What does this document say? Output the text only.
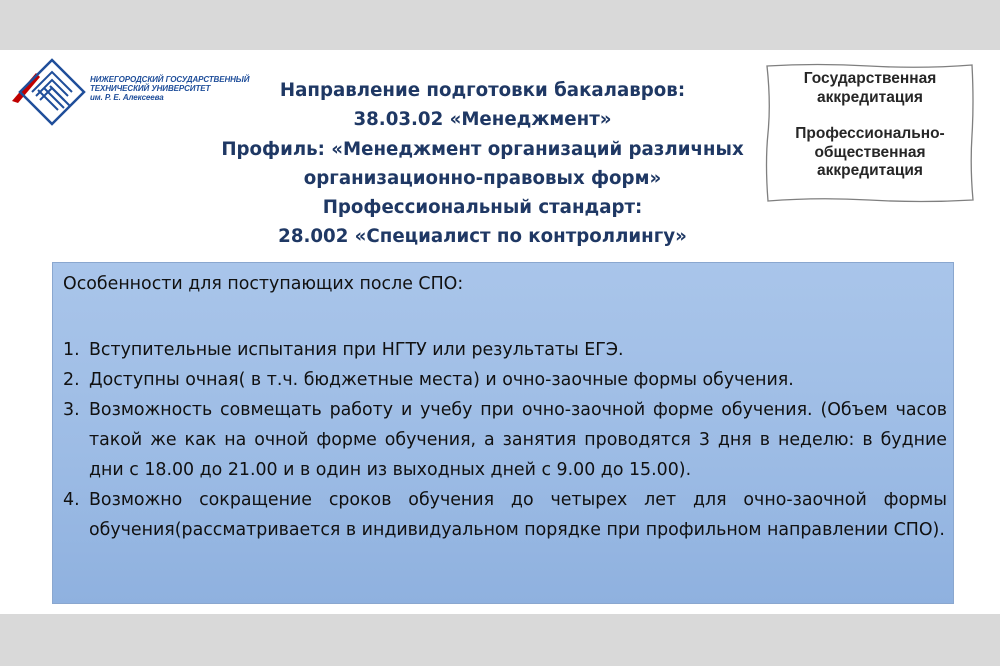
НИЖЕГОРОДСКИЙ ГОСУДАРСТВЕННЫЙ
ТЕХНИЧЕСКИЙ УНИВЕРСИТЕТ
им. Р. Е. Алексеева	Направление подготовки бакалавров:
38.03.02 «Менеджмент»
Профиль: «Менеджмент организаций различных
организационно-правовых форм»
Профессиональный стандарт:
28.002 «Специалист по контроллингу»
Государственная
аккредитация
Профессионально-
общественная
аккредитация
Особенности для поступающих после СПО:
1. Вступительные испытания при НГТУ или результаты ЕГЭ.
2. Доступны очная( в т.ч. бюджетные места) и очно-заочные формы обучения.
3. Возможность совмещать работу и учебу при очно-заочной форме обучения. (Объем часов такой же как на очной форме обучения, а занятия проводятся 3 дня в неделю: в будние дни с 18.00 до 21.00 и в один из выходных дней с 9.00 до 15.00).
4. Возможно сокращение сроков обучения до четырех лет для очно-заочной формы обучения(рассматривается в индивидуальном порядке при профильном направлении СПО).
